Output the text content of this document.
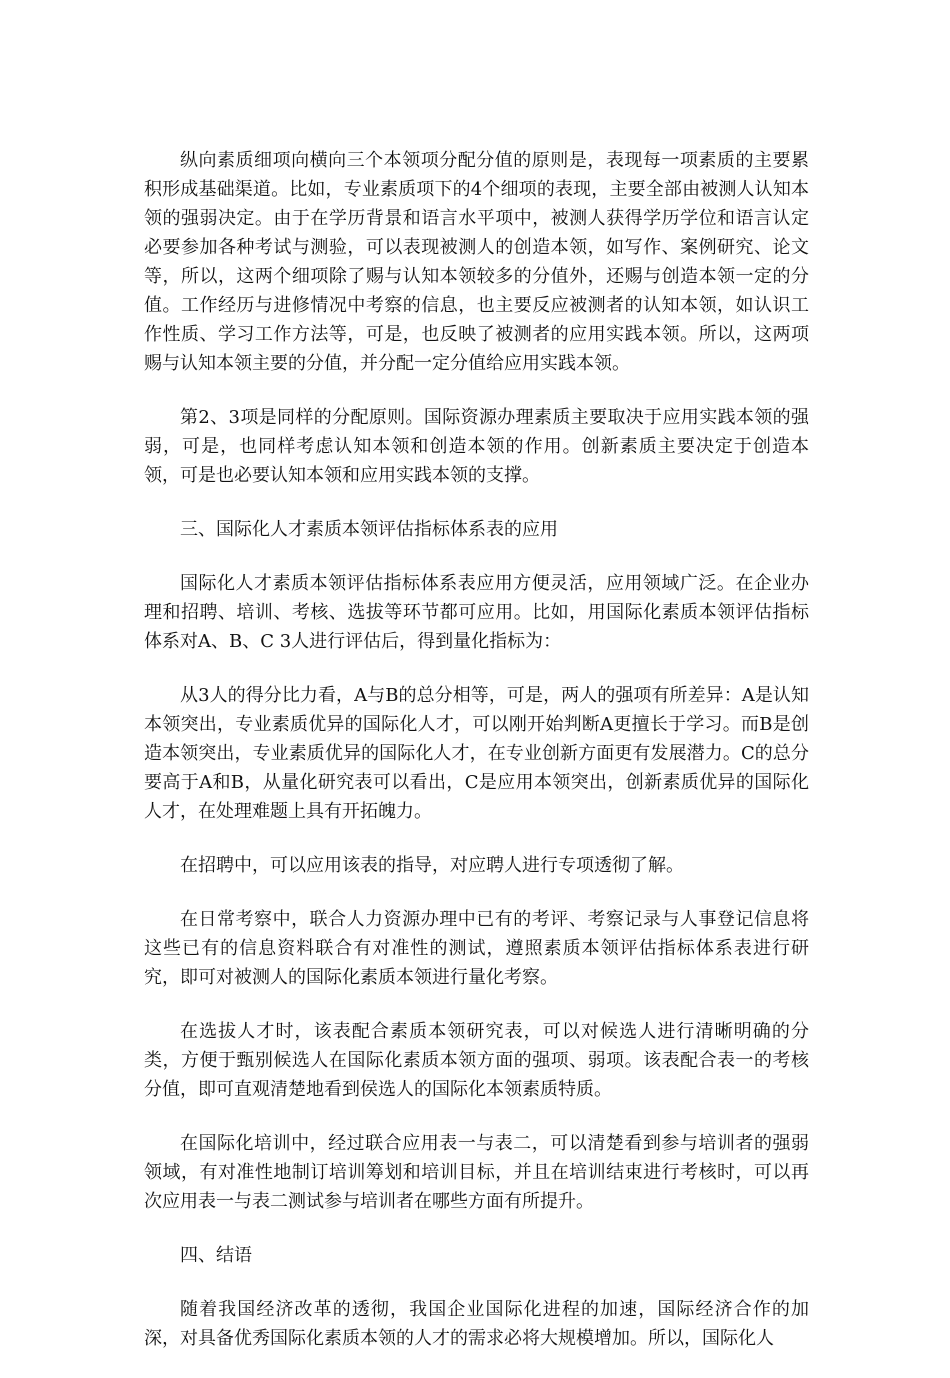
纵向素质细项向横向三个本领项分配分值的原则是，表现每一项素质的主要累积形成基础渠道。比如，专业素质项下的4个细项的表现，主要全部由被测人认知本领的强弱决定。由于在学历背景和语言水平项中，被测人获得学历学位和语言认定必要参加各种考试与测验，可以表现被测人的创造本领，如写作、案例研究、论文等，所以，这两个细项除了赐与认知本领较多的分值外，还赐与创造本领一定的分值。工作经历与进修情况中考察的信息，也主要反应被测者的认知本领，如认识工作性质、学习工作方法等，可是，也反映了被测者的应用实践本领。所以，这两项赐与认知本领主要的分值，并分配一定分值给应用实践本领。

第2、3项是同样的分配原则。国际资源办理素质主要取决于应用实践本领的强弱，可是，也同样考虑认知本领和创造本领的作用。创新素质主要决定于创造本领，可是也必要认知本领和应用实践本领的支撑。

三、国际化人才素质本领评估指标体系表的应用

国际化人才素质本领评估指标体系表应用方便灵活，应用领域广泛。在企业办理和招聘、培训、考核、选拔等环节都可应用。比如，用国际化素质本领评估指标体系对A、B、C 3人进行评估后，得到量化指标为：

从3人的得分比力看，A与B的总分相等，可是，两人的强项有所差异：A是认知本领突出，专业素质优异的国际化人才，可以刚开始判断A更擅长于学习。而B是创造本领突出，专业素质优异的国际化人才，在专业创新方面更有发展潜力。C的总分要高于A和B，从量化研究表可以看出，C是应用本领突出，创新素质优异的国际化人才，在处理难题上具有开拓魄力。

在招聘中，可以应用该表的指导，对应聘人进行专项透彻了解。

在日常考察中，联合人力资源办理中已有的考评、考察记录与人事登记信息将这些已有的信息资料联合有对准性的测试，遵照素质本领评估指标体系表进行研究，即可对被测人的国际化素质本领进行量化考察。

在选拔人才时，该表配合素质本领研究表，可以对候选人进行清晰明确的分类，方便于甄别候选人在国际化素质本领方面的强项、弱项。该表配合表一的考核分值，即可直观清楚地看到侯选人的国际化本领素质特质。

在国际化培训中，经过联合应用表一与表二，可以清楚看到参与培训者的强弱领域，有对准性地制订培训筹划和培训目标，并且在培训结束进行考核时，可以再次应用表一与表二测试参与培训者在哪些方面有所提升。

四、结语

随着我国经济改革的透彻，我国企业国际化进程的加速，国际经济合作的加深，对具备优秀国际化素质本领的人才的需求必将大规模增加。所以，国际化人
